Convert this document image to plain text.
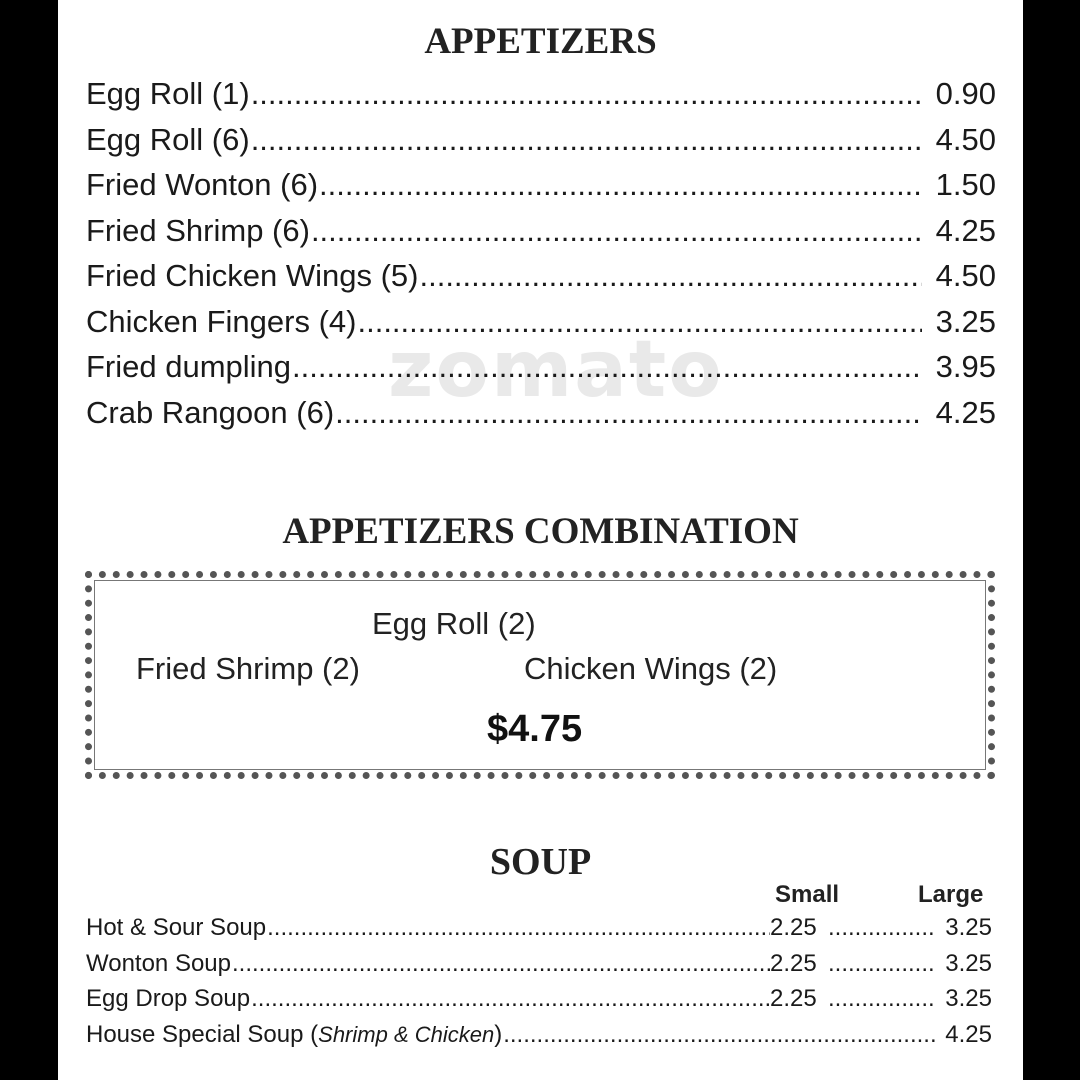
zomato
APPETIZERS
Egg Roll (1) .....	0.90
Egg Roll (6) .....	4.50
Fried Wonton (6) .....	1.50
Fried Shrimp (6) .....	4.25
Fried Chicken Wings (5) .....	4.50
Chicken Fingers (4) .....	3.25
Fried dumpling .....	3.95
Crab Rangoon (6) .....	4.25
APPETIZERS COMBINATION
Egg Roll (2)
Fried Shrimp (2)	Chicken Wings (2)
$4.75
SOUP
Small	Large
Hot & Sour Soup .....	2.25 .....	3.25
Wonton Soup .....	2.25 .....	3.25
Egg Drop Soup .....	2.25 .....	3.25
House Special Soup (Shrimp & Chicken) .....	4.25
